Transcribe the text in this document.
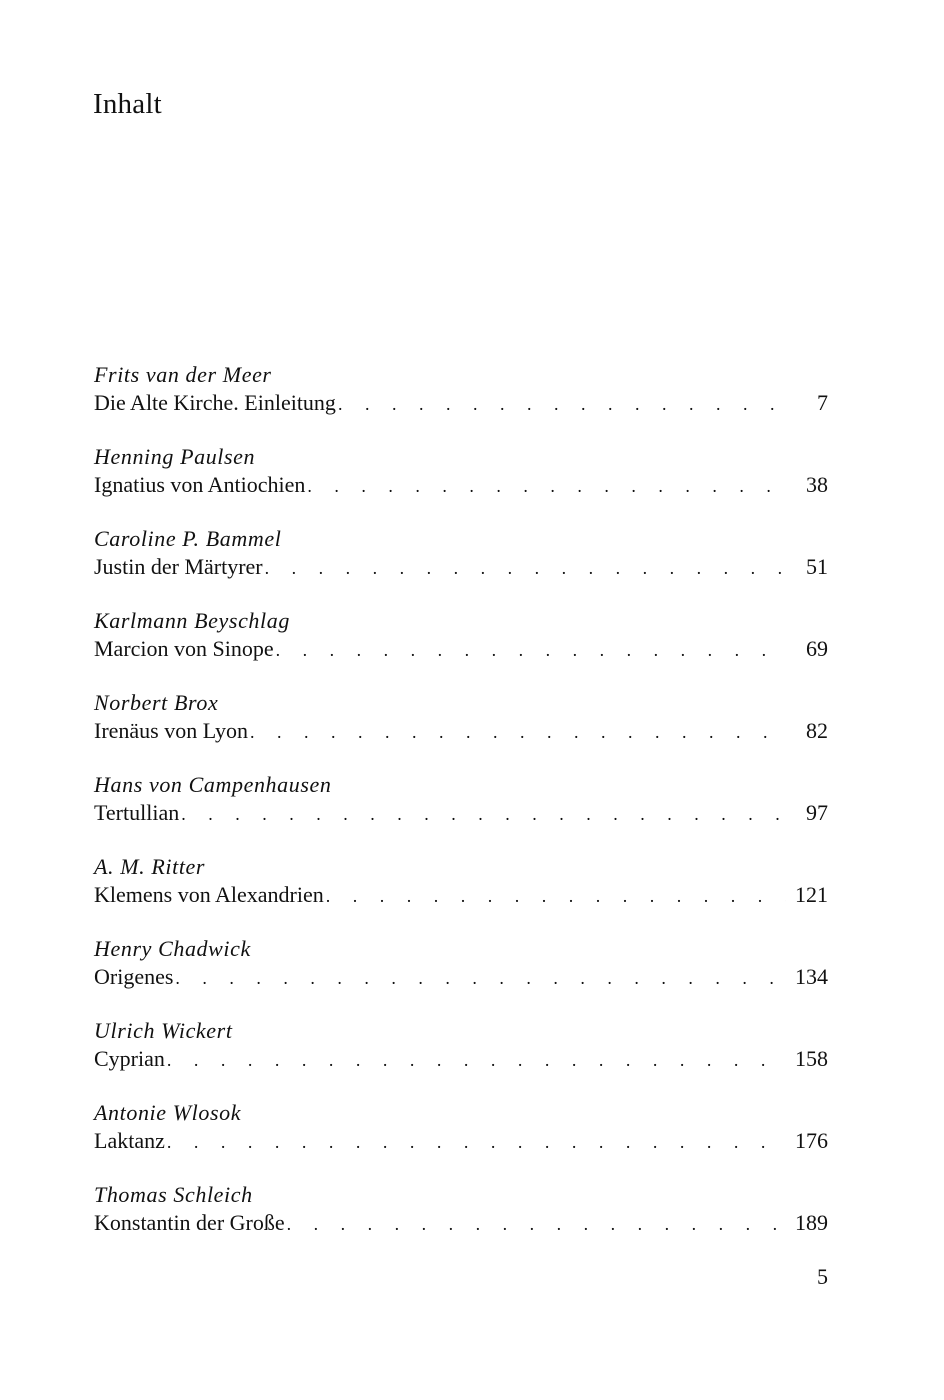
Inhalt
Frits van der Meer
Die Alte Kirche. Einleitung . . .	7
Henning Paulsen
Ignatius von Antiochien . . .	38
Caroline P. Bammel
Justin der Märtyrer . . .	51
Karlmann Beyschlag
Marcion von Sinope . . .	69
Norbert Brox
Irenäus von Lyon . . .	82
Hans von Campenhausen
Tertullian . . .	97
A. M. Ritter
Klemens von Alexandrien . . .	121
Henry Chadwick
Origenes . . .	134
Ulrich Wickert
Cyprian . . .	158
Antonie Wlosok
Laktanz . . .	176
Thomas Schleich
Konstantin der Große . . .	189
5
